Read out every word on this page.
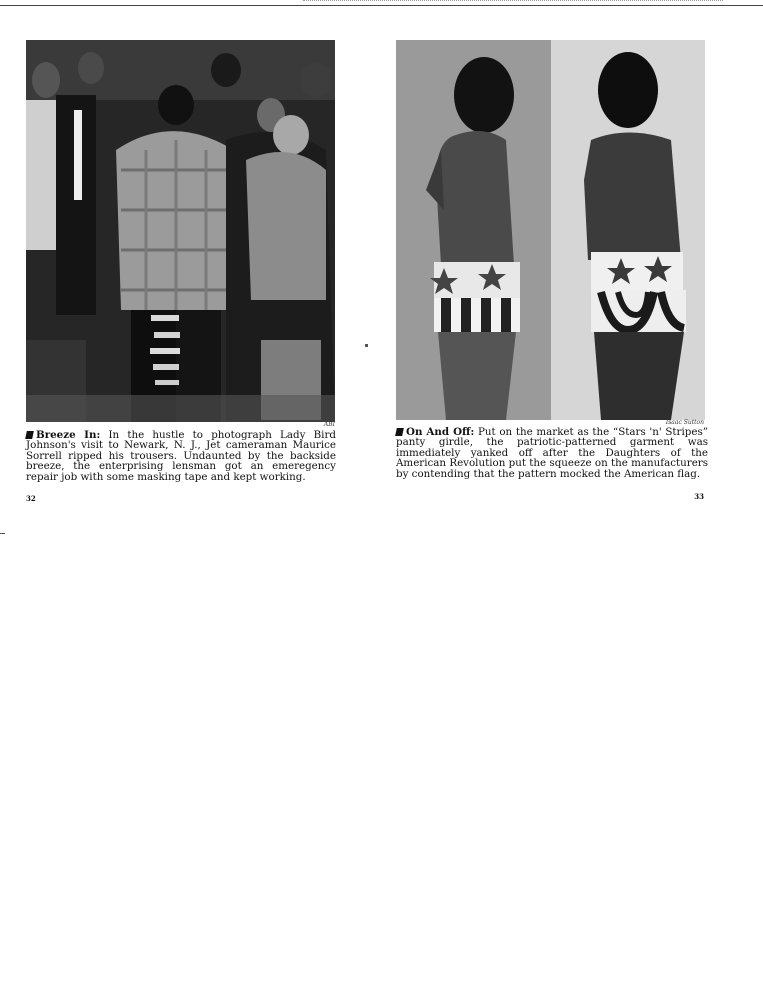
ABI

Breeze In: In the hustle to photograph Lady Bird Johnson's visit to Newark, N. J., Jet cameraman Maurice Sorrell ripped his trousers. Undaunted by the backside breeze, the enterprising lensman got an emeregency repair job with some masking tape and kept working.

32
Isaac Sutton

On And Off: Put on the market as the “Stars 'n' Stripes” panty girdle, the patriotic-patterned garment was immediately yanked off after the Daughters of the American Revolution put the squeeze on the manufacturers by contending that the pattern mocked the American flag.

33
